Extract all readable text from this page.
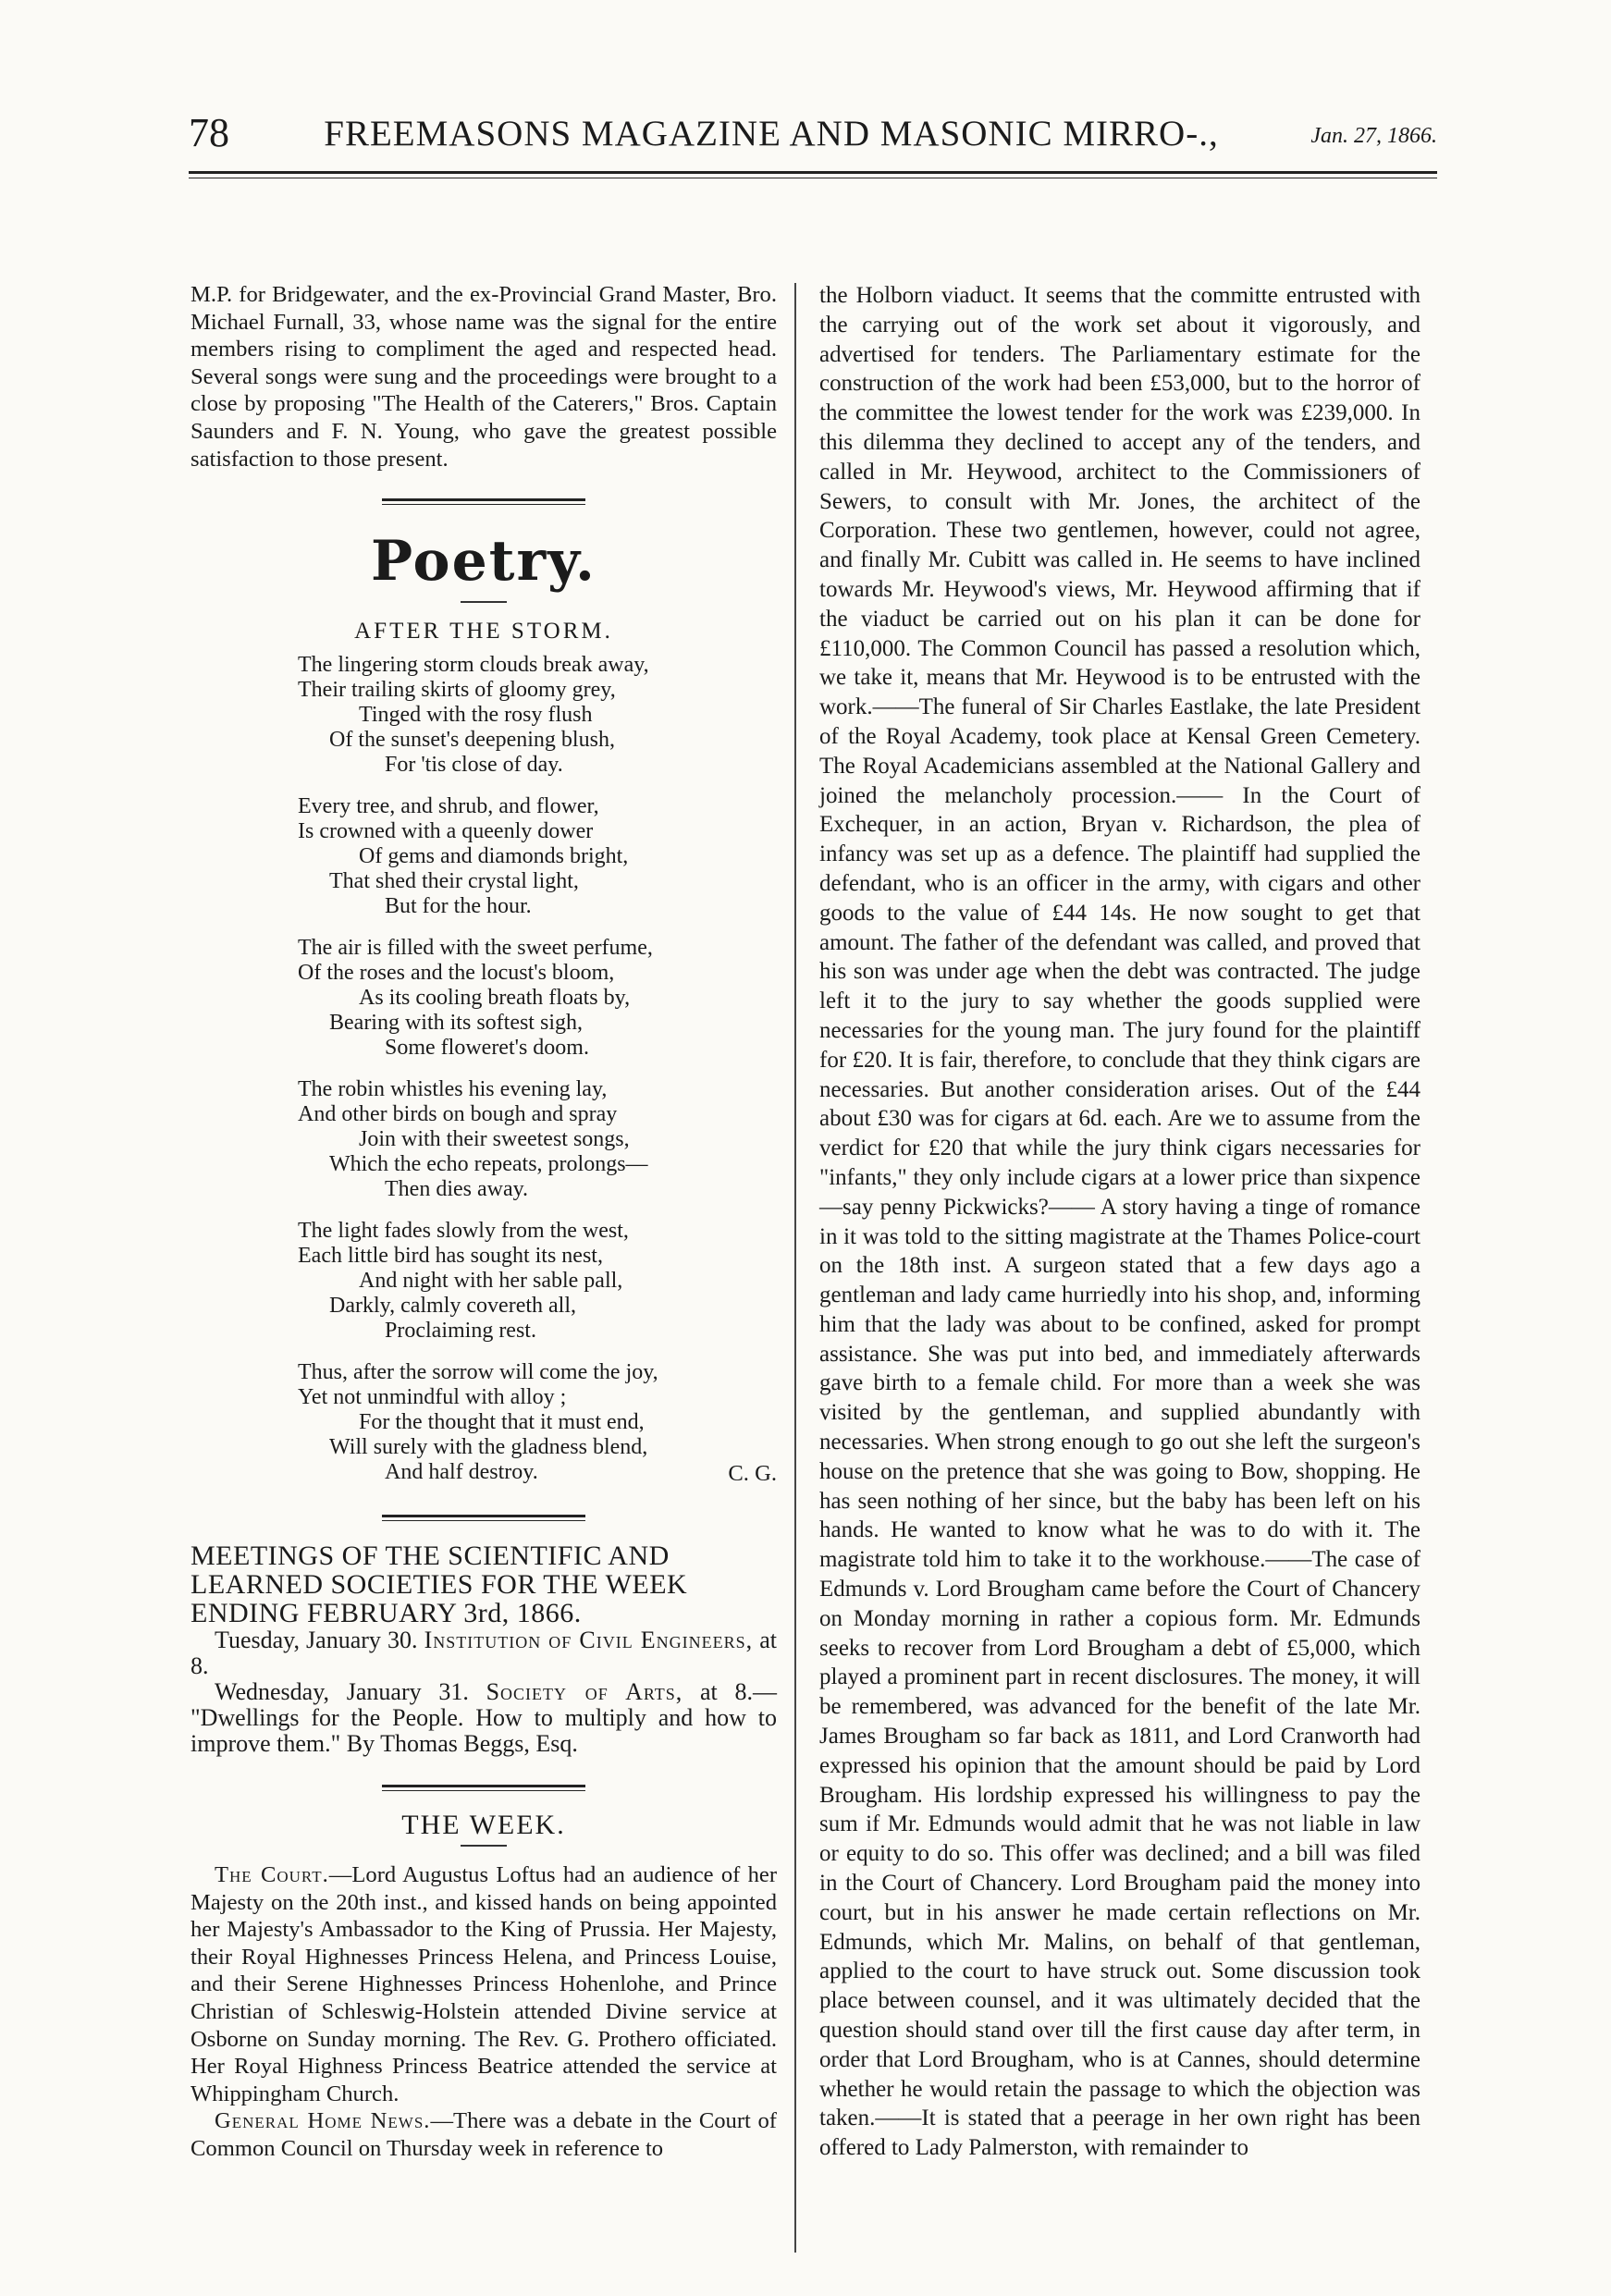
78	FREEMASONS MAGAZINE AND MASONIC MIRRO-.,	Jan. 27, 1866.

M.P. for Bridgewater, and the ex-Provincial Grand Master, Bro. Michael Furnall, 33, whose name was the signal for the entire members rising to compliment the aged and respected head. Several songs were sung and the proceedings were brought to a close by proposing "The Health of the Caterers," Bros. Captain Saunders and F. N. Young, who gave the greatest possible satisfaction to those present.

Poetry.
AFTER THE STORM.
The lingering storm clouds break away,
Their trailing skirts of gloomy grey,
Tinged with the rosy flush
Of the sunset's deepening blush,
For 'tis close of day.
Every tree, and shrub, and flower,
Is crowned with a queenly dower
Of gems and diamonds bright,
That shed their crystal light,
But for the hour.
The air is filled with the sweet perfume,
Of the roses and the locust's bloom,
As its cooling breath floats by,
Bearing with its softest sigh,
Some floweret's doom.
The robin whistles his evening lay,
And other birds on bough and spray
Join with their sweetest songs,
Which the echo repeats, prolongs—
Then dies away.
The light fades slowly from the west,
Each little bird has sought its nest,
And night with her sable pall,
Darkly, calmly covereth all,
Proclaiming rest.
Thus, after the sorrow will come the joy,
Yet not unmindful with alloy ;
For the thought that it must end,
Will surely with the gladness blend,
And half destroy.	C. G.
MEETINGS OF THE SCIENTIFIC AND LEARNED SOCIETIES FOR THE WEEK ENDING FEBRUARY 3rd, 1866.

Tuesday, January 30. Institution of Civil Engineers, at 8.

Wednesday, January 31. Society of Arts, at 8.— "Dwellings for the People. How to multiply and how to improve them." By Thomas Beggs, Esq.

THE WEEK.

The Court.—Lord Augustus Loftus had an audience of her Majesty on the 20th inst., and kissed hands on being appointed her Majesty's Ambassador to the King of Prussia. Her Majesty, their Royal Highnesses Princess Helena, and Princess Louise, and their Serene Highnesses Princess Hohenlohe, and Prince Christian of Schleswig-Holstein attended Divine service at Osborne on Sunday morning. The Rev. G. Prothero officiated. Her Royal Highness Princess Beatrice attended the service at Whippingham Church.

General Home News.—There was a debate in the Court of Common Council on Thursday week in reference to

the Holborn viaduct. It seems that the committe entrusted with the carrying out of the work set about it vigorously, and advertised for tenders. The Parliamentary estimate for the construction of the work had been £53,000, but to the horror of the committee the lowest tender for the work was £239,000. In this dilemma they declined to accept any of the tenders, and called in Mr. Heywood, architect to the Commissioners of Sewers, to consult with Mr. Jones, the architect of the Corporation. These two gentlemen, however, could not agree, and finally Mr. Cubitt was called in. He seems to have inclined towards Mr. Heywood's views, Mr. Heywood affirming that if the viaduct be carried out on his plan it can be done for £110,000. The Common Council has passed a resolution which, we take it, means that Mr. Heywood is to be entrusted with the work.——The funeral of Sir Charles Eastlake, the late President of the Royal Academy, took place at Kensal Green Cemetery. The Royal Academicians assembled at the National Gallery and joined the melancholy procession.—— In the Court of Exchequer, in an action, Bryan v. Richardson, the plea of infancy was set up as a defence. The plaintiff had supplied the defendant, who is an officer in the army, with cigars and other goods to the value of £44 14s. He now sought to get that amount. The father of the defendant was called, and proved that his son was under age when the debt was contracted. The judge left it to the jury to say whether the goods supplied were necessaries for the young man. The jury found for the plaintiff for £20. It is fair, therefore, to conclude that they think cigars are necessaries. But another consideration arises. Out of the £44 about £30 was for cigars at 6d. each. Are we to assume from the verdict for £20 that while the jury think cigars necessaries for "infants," they only include cigars at a lower price than sixpence—say penny Pickwicks?—— A story having a tinge of romance in it was told to the sitting magistrate at the Thames Police-court on the 18th inst. A surgeon stated that a few days ago a gentleman and lady came hurriedly into his shop, and, informing him that the lady was about to be confined, asked for prompt assistance. She was put into bed, and immediately afterwards gave birth to a female child. For more than a week she was visited by the gentleman, and supplied abundantly with necessaries. When strong enough to go out she left the surgeon's house on the pretence that she was going to Bow, shopping. He has seen nothing of her since, but the baby has been left on his hands. He wanted to know what he was to do with it. The magistrate told him to take it to the workhouse.——The case of Edmunds v. Lord Brougham came before the Court of Chancery on Monday morning in rather a copious form. Mr. Edmunds seeks to recover from Lord Brougham a debt of £5,000, which played a prominent part in recent disclosures. The money, it will be remembered, was advanced for the benefit of the late Mr. James Brougham so far back as 1811, and Lord Cranworth had expressed his opinion that the amount should be paid by Lord Brougham. His lordship expressed his willingness to pay the sum if Mr. Edmunds would admit that he was not liable in law or equity to do so. This offer was declined; and a bill was filed in the Court of Chancery. Lord Brougham paid the money into court, but in his answer he made certain reflections on Mr. Edmunds, which Mr. Malins, on behalf of that gentleman, applied to the court to have struck out. Some discussion took place between counsel, and it was ultimately decided that the question should stand over till the first cause day after term, in order that Lord Brougham, who is at Cannes, should determine whether he would retain the passage to which the objection was taken.——It is stated that a peerage in her own right has been offered to Lady Palmerston, with remainder to
